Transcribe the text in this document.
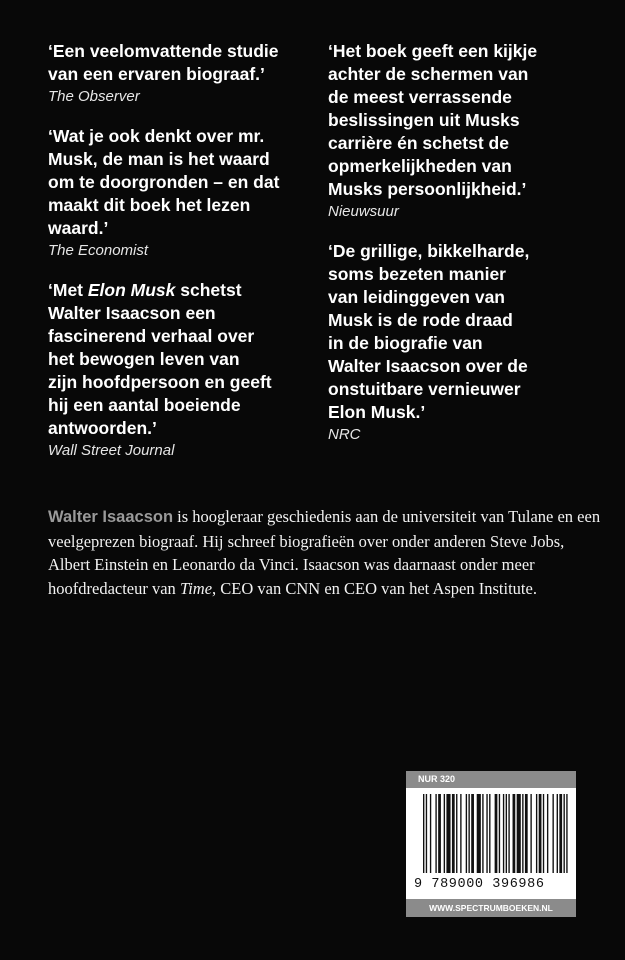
‘Een veelomvattende studie
van een ervaren biograaf.’
The Observer
‘Wat je ook denkt over mr.
Musk, de man is het waard
om te doorgronden – en dat
maakt dit boek het lezen
waard.’
The Economist
‘Met Elon Musk schetst
Walter Isaacson een
fascinerend verhaal over
het bewogen leven van
zijn hoofdpersoon en geeft
hij een aantal boeiende
antwoorden.’
Wall Street Journal
‘Het boek geeft een kijkje
achter de schermen van
de meest verrassende
beslissingen uit Musks
carrière én schetst de
opmerkelijkheden van
Musks persoonlijkheid.’
Nieuwsuur
‘De grillige, bikkelharde,
soms bezeten manier
van leidinggeven van
Musk is de rode draad
in de biografie van
Walter Isaacson over de
onstuitbare vernieuwer
Elon Musk.’
NRC
Walter Isaacson is hoogleraar geschiedenis aan de universiteit van Tulane en een veelgeprezen biograaf. Hij schreef biografieën over onder anderen Steve Jobs, Albert Einstein en Leonardo da Vinci. Isaacson was daarnaast onder meer hoofdredacteur van Time, CEO van CNN en CEO van het Aspen Institute.
NUR 320
9 789000 396986
WWW.SPECTRUMBOEKEN.NL
